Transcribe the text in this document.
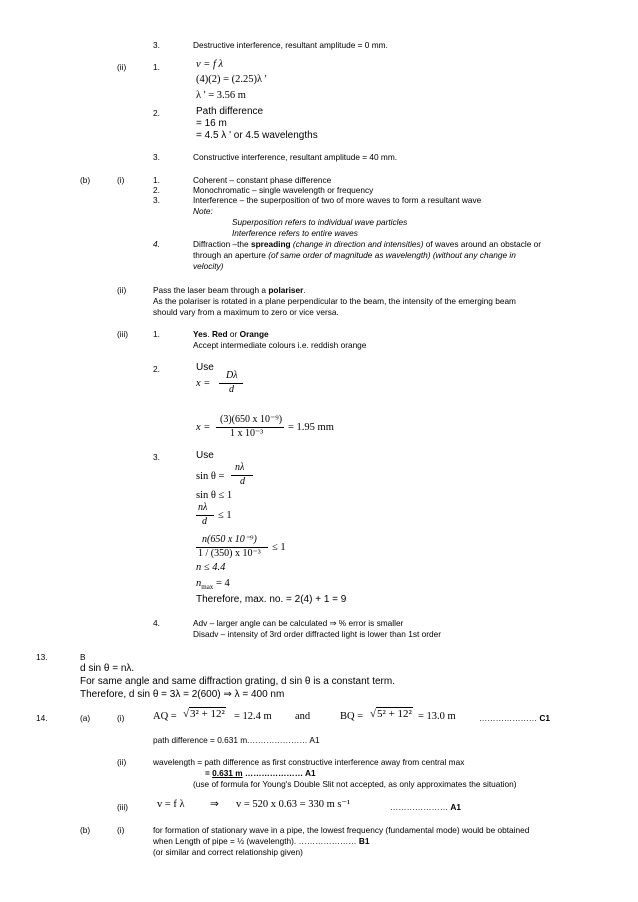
3.	Destructive interference, resultant amplitude = 0 mm.
(ii)	1.	v = f λ
(4)(2) = (2.25)λ '
λ ' = 3.56 m
2.	Path difference
= 16 m
= 4.5 λ ' or 4.5 wavelengths
3.	Constructive interference, resultant amplitude = 40 mm.
(b)	(i)	1.	Coherent – constant phase difference
2.	Monochromatic – single wavelength or frequency
3.	Interference – the superposition of two of more waves to form a resultant wave
Note:
Superposition refers to individual wave particles
Interference refers to entire waves
4.	Diffraction –the spreading (change in direction and intensities) of waves around an obstacle or
through an aperture (of same order of magnitude as wavelength) (without any change in
velocity)
(ii)	Pass the laser beam through a polariser.
As the polariser is rotated in a plane perpendicular to the beam, the intensity of the emerging beam
should vary from a maximum to zero or vice versa.
(iii)	1.	Yes. Red or Orange
Accept intermediate colours i.e. reddish orange
2.	Use
x =
Dλ
d
x =
(3)(650 x 10⁻⁹)
1 x 10⁻³
= 1.95 mm
3.	Use
sin θ =
nλ
d
sin θ ≤ 1
nλ
d
≤ 1
n(650 x 10⁻⁹)
1 / (350) x 10⁻³
≤ 1
n ≤ 4.4
$n_{max} = 4$
Therefore, max. no. = 2(4) + 1 = 9
4.	Adv – larger angle can be calculated ⇒ % error is smaller
Disadv – intensity of 3rd order diffracted light is lower than 1st order
13.	B
d sin θ = nλ.
For same angle and same diffraction grating, d sin θ is a constant term.
Therefore, d sin θ = 3λ = 2(600) ⇒ λ = 400 nm
14.	(a)	(i)	AQ = √3² + 12² = 12.4 m and	BQ = √5² + 12² = 13.0 m	………………… C1
path difference = 0.631 m.………………… A1
(ii)	wavelength = path difference as first constructive interference away from central max
= 0.631 m ………………… A1
(use of formula for Young's Double Slit not accepted, as only approximates the situation)
(iii)	v = f λ ⇒ v = 520 x 0.63 = 330 m s⁻¹	………………… A1
(b)	(i)	for formation of stationary wave in a pipe, the lowest frequency (fundamental mode) would be obtained
when Length of pipe = ½ (wavelength). ………………… B1
(or similar and correct relationship given)
